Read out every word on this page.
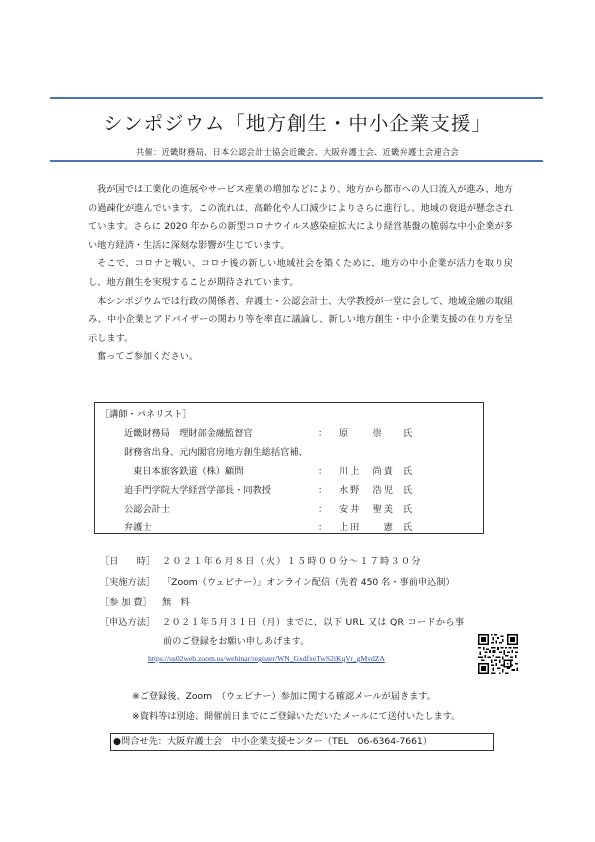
シンポジウム「地方創生・中小企業支援」
共催：近畿財務局、日本公認会計士協会近畿会、大阪弁護士会、近畿弁護士会連合会

我が国では工業化の進展やサービス産業の増加などにより、地方から都市への人口流入が進み、地方の過疎化が進んでいます。この流れは、高齢化や人口減少によりさらに進行し、地域の衰退が懸念されています。さらに 2020 年からの新型コロナウイルス感染症拡大により経営基盤の脆弱な中小企業が多い地方経済・生活に深刻な影響が生じています。

そこで、コロナと戦い、コロナ後の新しい地域社会を築くために、地方の中小企業が活力を取り戻し、地方創生を実現することが期待されています。

本シンポジウムでは行政の関係者、弁護士・公認会計士、大学教授が一堂に会して、地域金融の取組み、中小企業とアドバイザーの関わり等を率直に議論し、新しい地方創生・中小企業支援の在り方を呈示します。

奮ってご参加ください。

［講師・パネリスト］
近畿財務局　理財部金融監督官	： 原　　崇 氏
財務省出身、元内閣官房地方創生総括官補、
　東日本旅客鉄道（株）顧問	： 川上　尚貴 氏
追手門学院大学経営学部長・同教授	： 水野　浩児 氏
公認会計士	： 安井　聖美 氏
弁護士	： 上田　　憲 氏
［日　　時］ ２０２１年６月８日（火）１５時００分～１７時３０分
［実施方法］ 「Zoom（ウェビナー）」オンライン配信（先着 450 名・事前申込制）
［参 加 費］ 無　料
［申込方法］ ２０２１年５月３１日（月）までに、以下 URL 又は QR コードから事
前のご登録をお願い申しあげます。
https://us02web.zoom.us/webinar/register/WN_GxdfxeTwS2iKqVr_gMvdZA
※ご登録後、Zoom　（ウェビナー）参加に関する確認メールが届きます。
※資料等は別途、開催前日までにご登録いただいたメールにて送付いたします。
●問合せ先：大阪弁護士会　中小企業支援センター（TEL　06-6364-7661）
